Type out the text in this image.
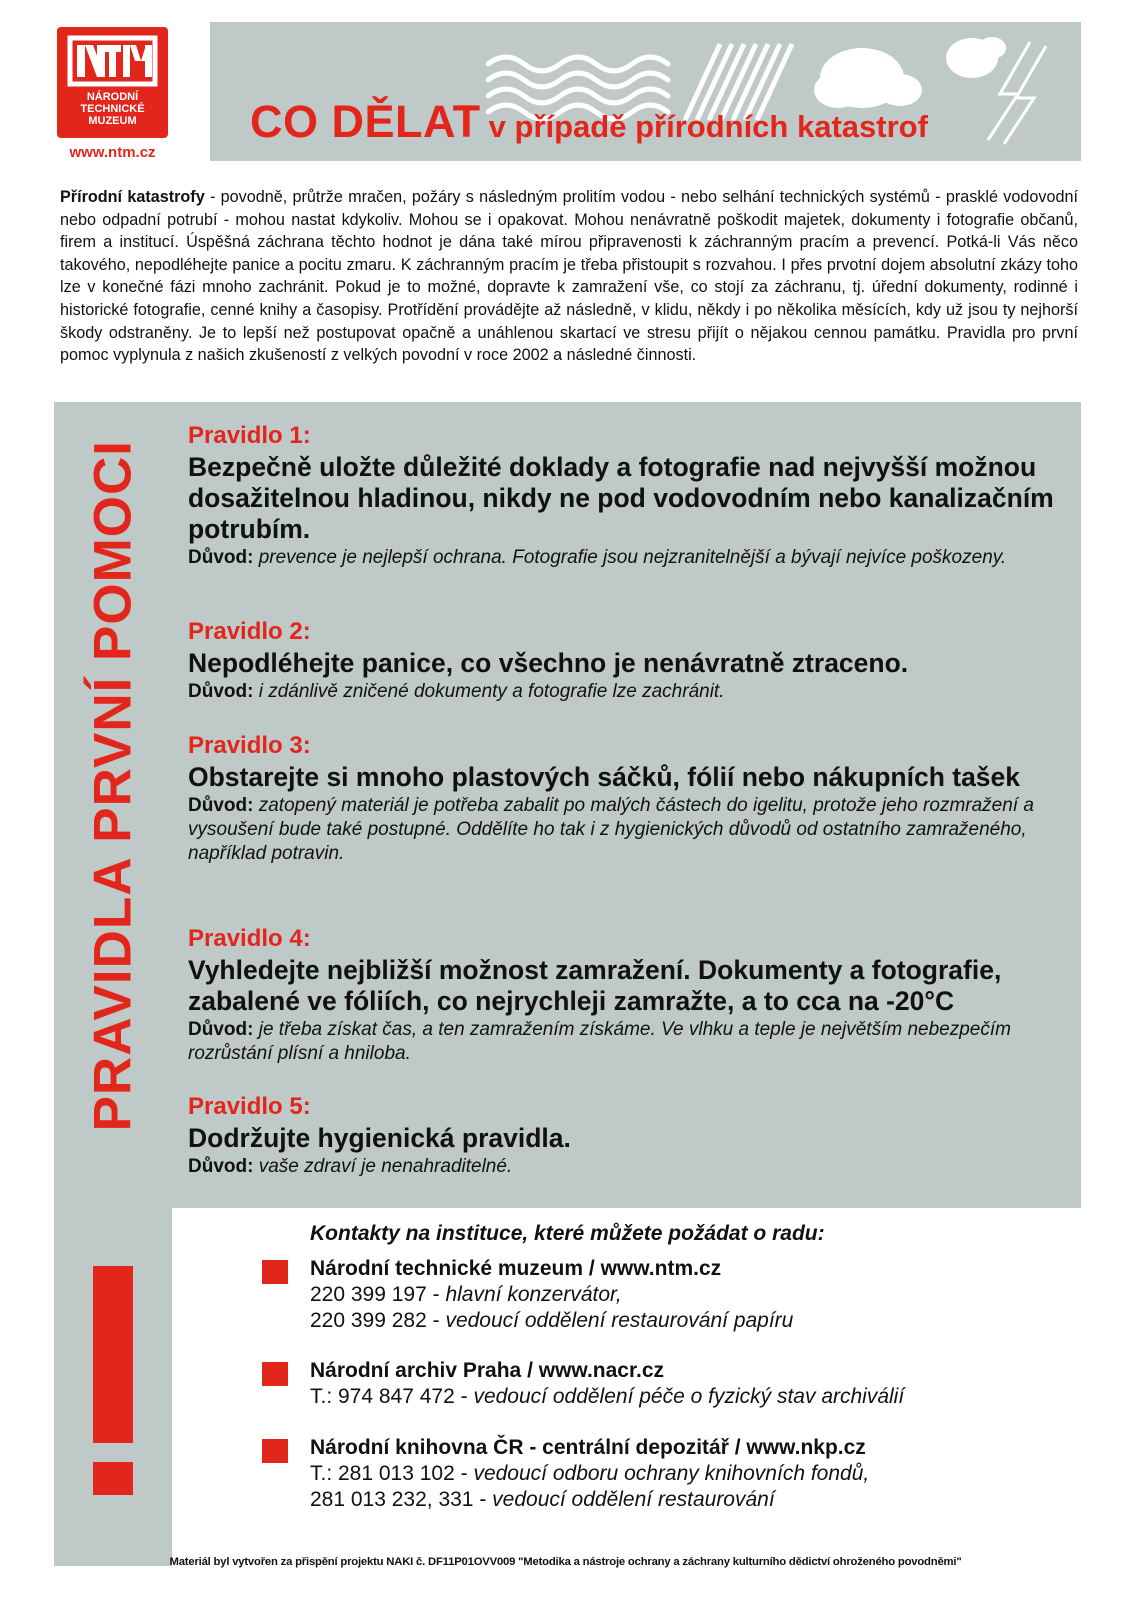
NÁRODNÍ
TECHNICKÉ
MUZEUM
www.ntm.cz
CO DĚLAT v případě přírodních katastrof
Přírodní katastrofy - povodně, průtrže mračen, požáry s následným prolitím vodou - nebo selhání technických systémů - prasklé vodovodní nebo odpadní potrubí - mohou nastat kdykoliv. Mohou se i opakovat. Mohou nenávratně poškodit majetek, dokumenty i fotografie občanů, firem a institucí. Úspěšná záchrana těchto hodnot je dána také mírou připravenosti k záchranným pracím a prevencí. Potká-li Vás něco takového, nepodléhejte panice a pocitu zmaru. K záchranným pracím je třeba přistoupit s rozvahou. I přes prvotní dojem absolutní zkázy toho lze v konečné fázi mnoho zachránit. Pokud je to možné, dopravte k zamražení vše, co stojí za záchranu, tj. úřední dokumenty, rodinné i historické fotografie, cenné knihy a časopisy. Protřídění provádějte až následně, v klidu, někdy i po několika měsících, kdy už jsou ty nejhorší škody odstraněny. Je to lepší než postupovat opačně a unáhlenou skartací ve stresu přijít o nějakou cennou památku. Pravidla pro první pomoc vyplynula z našich zkušeností z velkých povodní v roce 2002 a následné činnosti.
PRAVIDLA PRVNÍ POMOCI
Pravidlo 1:
Bezpečně uložte důležité doklady a fotografie nad nejvyšší možnou dosažitelnou hladinou, nikdy ne pod vodovodním nebo kanalizačním potrubím.
Důvod: prevence je nejlepší ochrana. Fotografie jsou nejzranitelnější a bývají nejvíce poškozeny.
Pravidlo 2:
Nepodléhejte panice, co všechno je nenávratně ztraceno.
Důvod: i zdánlivě zničené dokumenty a fotografie lze zachránit.
Pravidlo 3:
Obstarejte si mnoho plastových sáčků, fólií nebo nákupních tašek
Důvod: zatopený materiál je potřeba zabalit po malých částech do igelitu, protože jeho rozmražení a vysoušení bude také postupné. Oddělíte ho tak i z hygienických důvodů od ostatního zamraženého, například potravin.
Pravidlo 4:
Vyhledejte nejbližší možnost zamražení. Dokumenty a fotografie, zabalené ve fóliích, co nejrychleji zamražte, a to cca na -20°C
Důvod: je třeba získat čas, a ten zamražením získáme. Ve vlhku a teple je největším nebezpečím rozrůstání plísní a hniloba.
Pravidlo 5:
Dodržujte hygienická pravidla.
Důvod: vaše zdraví je nenahraditelné.
Kontakty na instituce, které můžete požádat o radu:
Národní technické muzeum / www.ntm.cz
220 399 197 - hlavní konzervátor,
220 399 282 - vedoucí oddělení restaurování papíru
Národní archiv Praha / www.nacr.cz
T.: 974 847 472 - vedoucí oddělení péče o fyzický stav archiválií
Národní knihovna ČR - centrální depozitář / www.nkp.cz
T.: 281 013 102 - vedoucí odboru ochrany knihovních fondů,
281 013 232, 331 - vedoucí oddělení restaurování
Materiál byl vytvořen za přispění projektu NAKI č. DF11P01OVV009 "Metodika a nástroje ochrany a záchrany kulturního dědictví ohroženého povodněmi"
